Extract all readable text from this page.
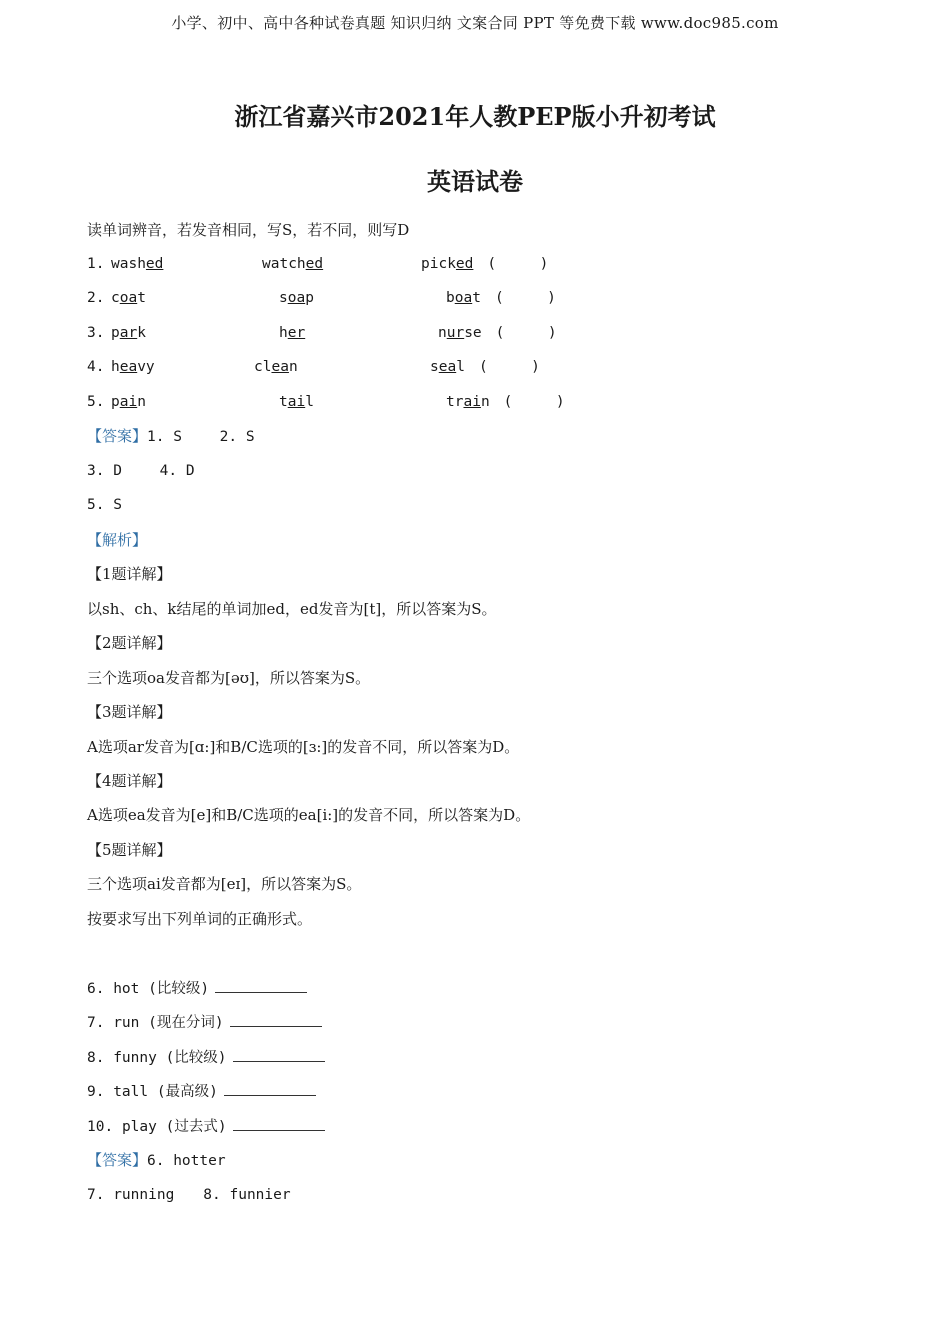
小学、初中、高中各种试卷真题 知识归纳 文案合同 PPT 等免费下载 www.doc985.com
浙江省嘉兴市2021年人教PEP版小升初考试
英语试卷
读单词辨音，若发音相同，写S，若不同，则写D
1. washed	watched	picked (　　　)
2. coat	soap	boat (　　　)
3. park	her	nurse (　　　)
4. heavy	clean	seal (　　　)
5. pain	tail	train (　　　)
【答案】1. S　　 2. S
3. D　　 4. D
5. S
【解析】
【1题详解】
以sh、ch、k结尾的单词加ed，ed发音为[t]，所以答案为S。
【2题详解】
三个选项oa发音都为[əʊ]，所以答案为S。
【3题详解】
A选项ar发音为[ɑ:]和B/C选项的[ɜ:]的发音不同，所以答案为D。
【4题详解】
A选项ea发音为[e]和B/C选项的ea[i:]的发音不同，所以答案为D。
【5题详解】
三个选项ai发音都为[eɪ]，所以答案为S。
按要求写出下列单词的正确形式。
6. hot (比较级)
7. run (现在分词)
8. funny (比较级)
9. tall (最高级)
10. play (过去式)
【答案】6. hotter
7. running　　8. funnier
